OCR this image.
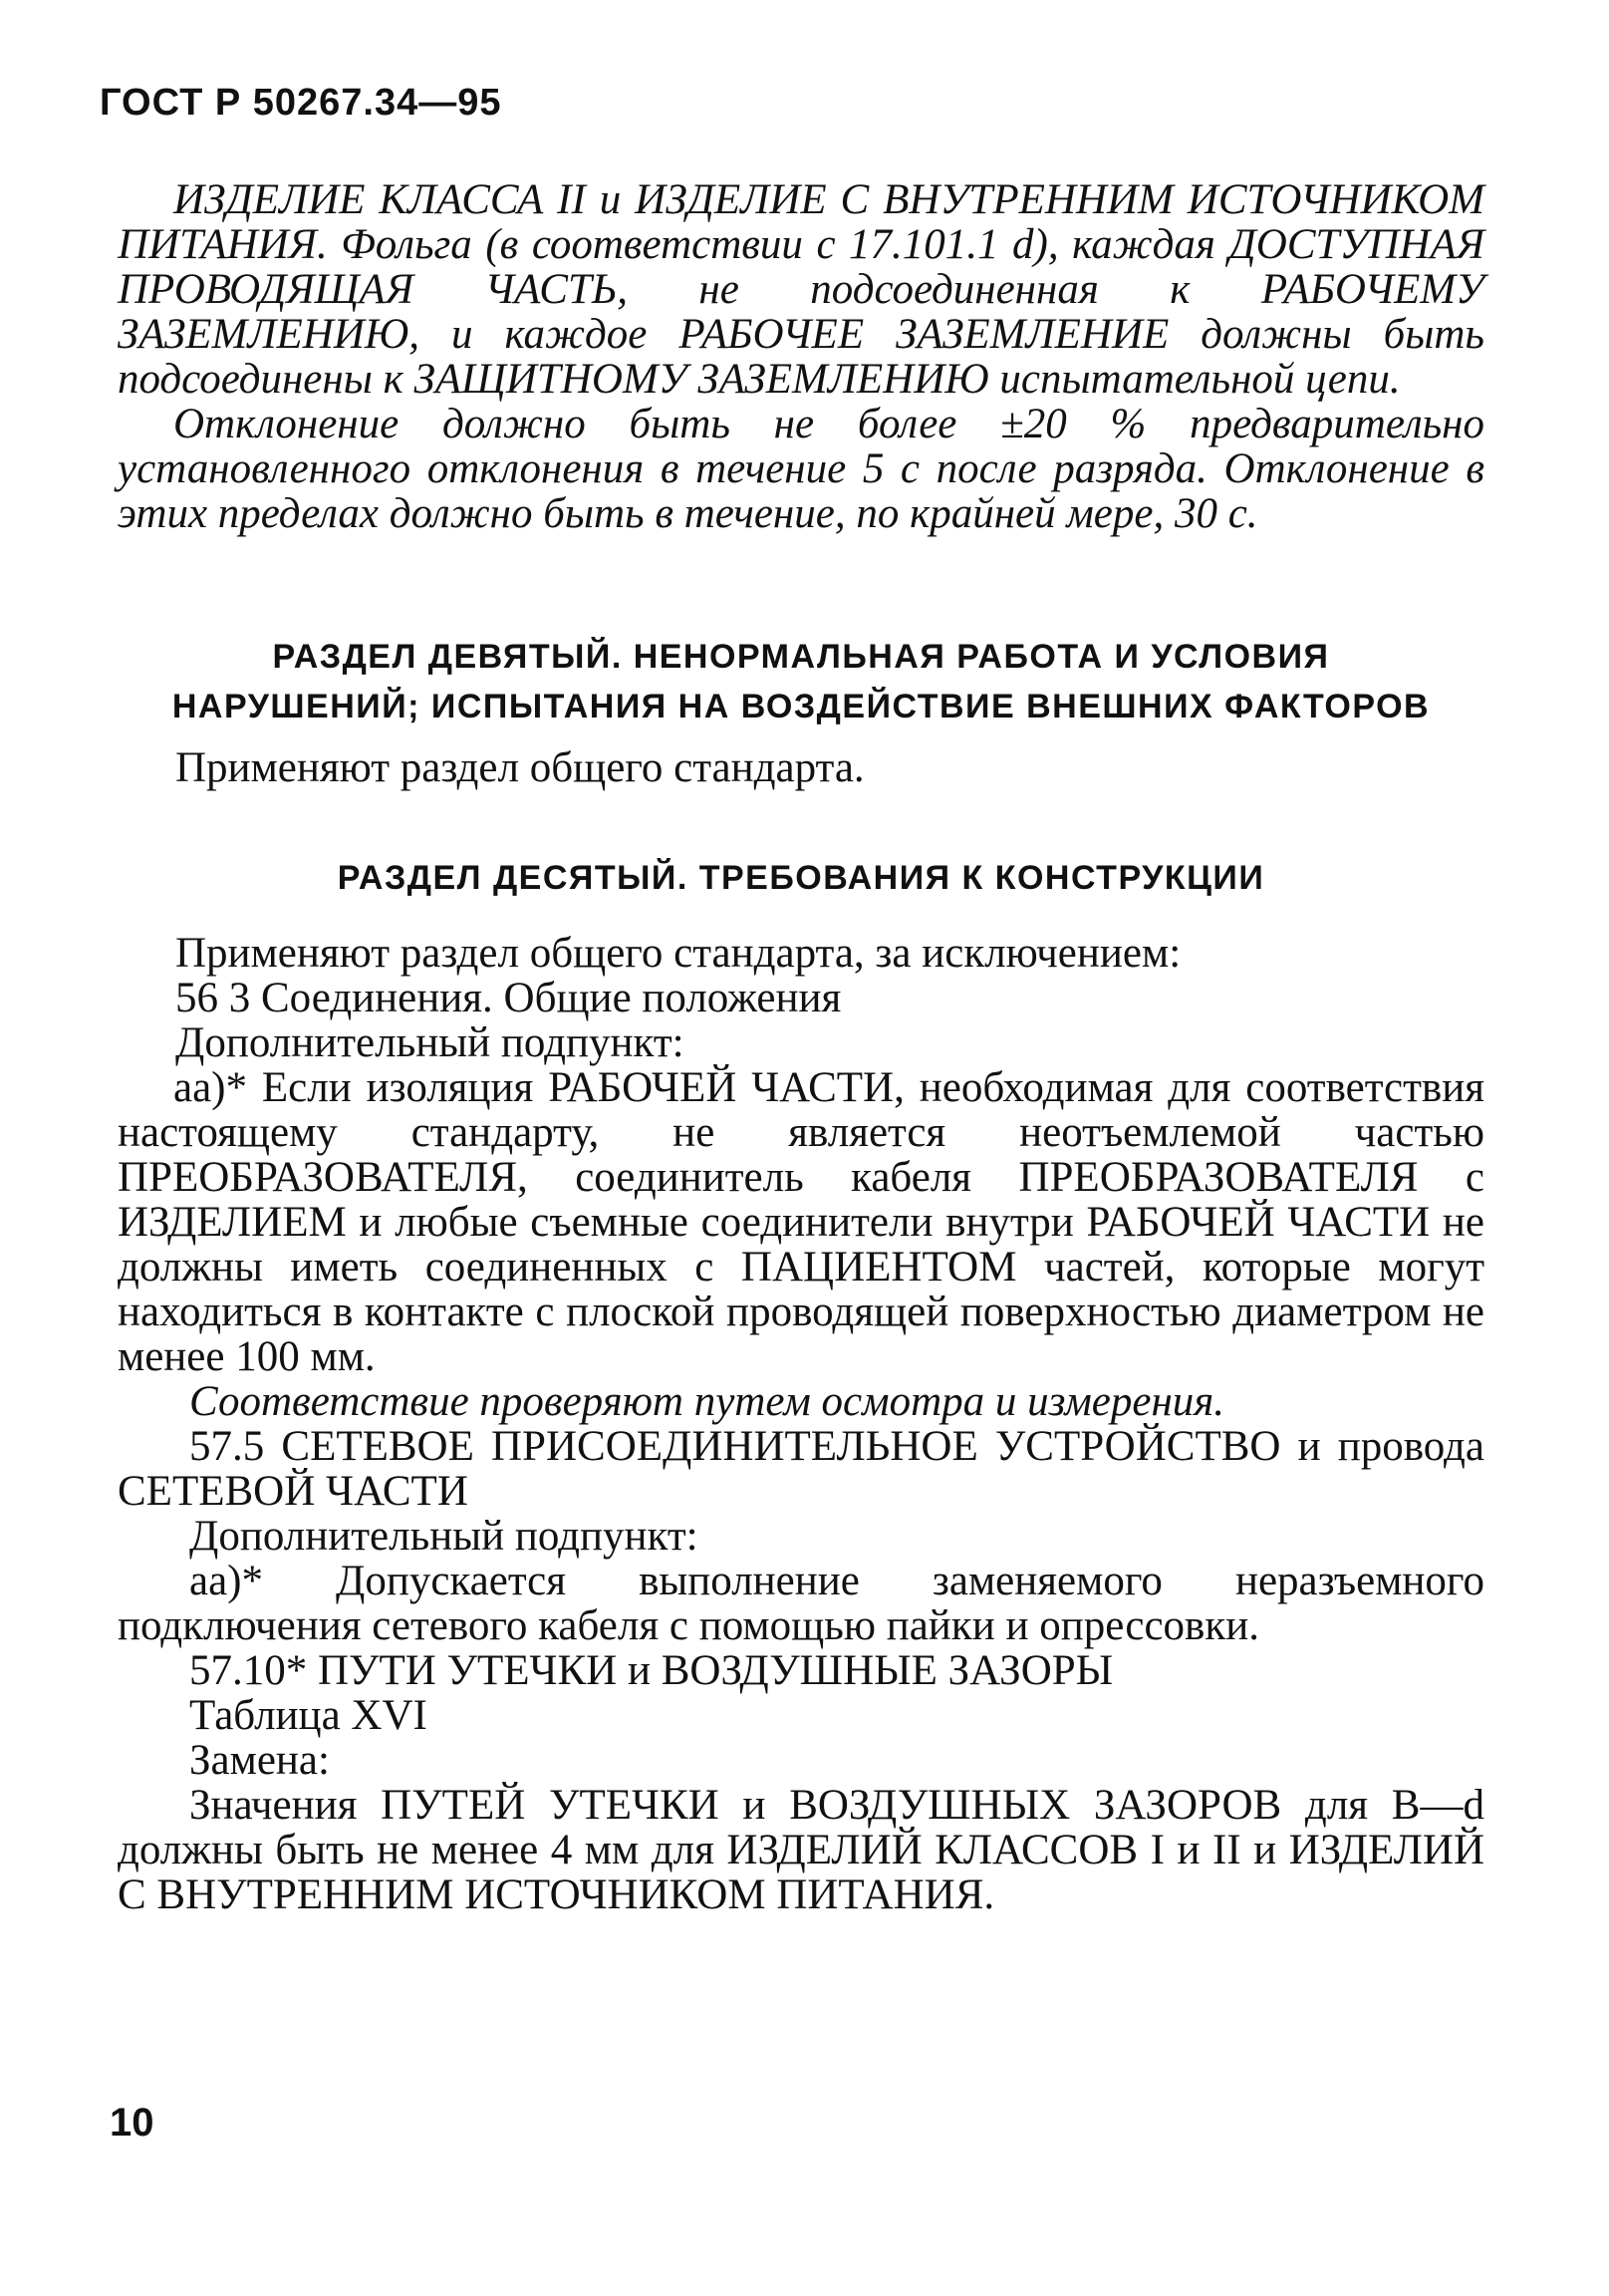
ГОСТ Р 50267.34—95

ИЗДЕЛИЕ КЛАССА II и ИЗДЕЛИЕ С ВНУТРЕННИМ ИСТОЧНИКОМ ПИТАНИЯ. Фольга (в соответствии с 17.101.1 d), каждая ДОСТУПНАЯ ПРОВОДЯЩАЯ ЧАСТЬ, не подсоединенная к РАБОЧЕМУ ЗАЗЕМЛЕНИЮ, и каждое РАБОЧЕЕ ЗАЗЕМЛЕНИЕ должны быть подсоединены к ЗАЩИТНОМУ ЗАЗЕМЛЕНИЮ испытательной цепи.

Отклонение должно быть не более ±20 % предварительно установленного отклонения в течение 5 с после разряда. Отклонение в этих пределах должно быть в течение, по крайней мере, 30 с.

РАЗДЕЛ ДЕВЯТЫЙ. НЕНОРМАЛЬНАЯ РАБОТА И УСЛОВИЯ

НАРУШЕНИЙ; ИСПЫТАНИЯ НА ВОЗДЕЙСТВИЕ ВНЕШНИХ ФАКТОРОВ

Применяют раздел общего стандарта.

РАЗДЕЛ ДЕСЯТЫЙ. ТРЕБОВАНИЯ К КОНСТРУКЦИИ

Применяют раздел общего стандарта, за исключением:

56 3 Соединения. Общие положения

Дополнительный подпункт:

аа)* Если изоляция РАБОЧЕЙ ЧАСТИ, необходимая для соответствия настоящему стандарту, не является неотъемлемой частью ПРЕОБРАЗОВАТЕЛЯ, соединитель кабеля ПРЕОБРАЗОВАТЕЛЯ с ИЗДЕЛИЕМ и любые съемные соединители внутри РАБОЧЕЙ ЧАСТИ не должны иметь соединенных с ПАЦИЕНТОМ частей, которые могут находиться в контакте с плоской проводящей поверхностью диаметром не менее 100 мм.

Соответствие проверяют путем осмотра и измерения.

57.5 СЕТЕВОЕ ПРИСОЕДИНИТЕЛЬНОЕ УСТРОЙСТВО и провода СЕТЕВОЙ ЧАСТИ

Дополнительный подпункт:

аа)* Допускается выполнение заменяемого неразъемного подключения сетевого кабеля с помощью пайки и опрессовки.

57.10* ПУТИ УТЕЧКИ и ВОЗДУШНЫЕ ЗАЗОРЫ

Таблица XVI

Замена:

Значения ПУТЕЙ УТЕЧКИ и ВОЗДУШНЫХ ЗАЗОРОВ для B—d должны быть не менее 4 мм для ИЗДЕЛИЙ КЛАССОВ I и II и ИЗДЕЛИЙ С ВНУТРЕННИМ ИСТОЧНИКОМ ПИТАНИЯ.

10
